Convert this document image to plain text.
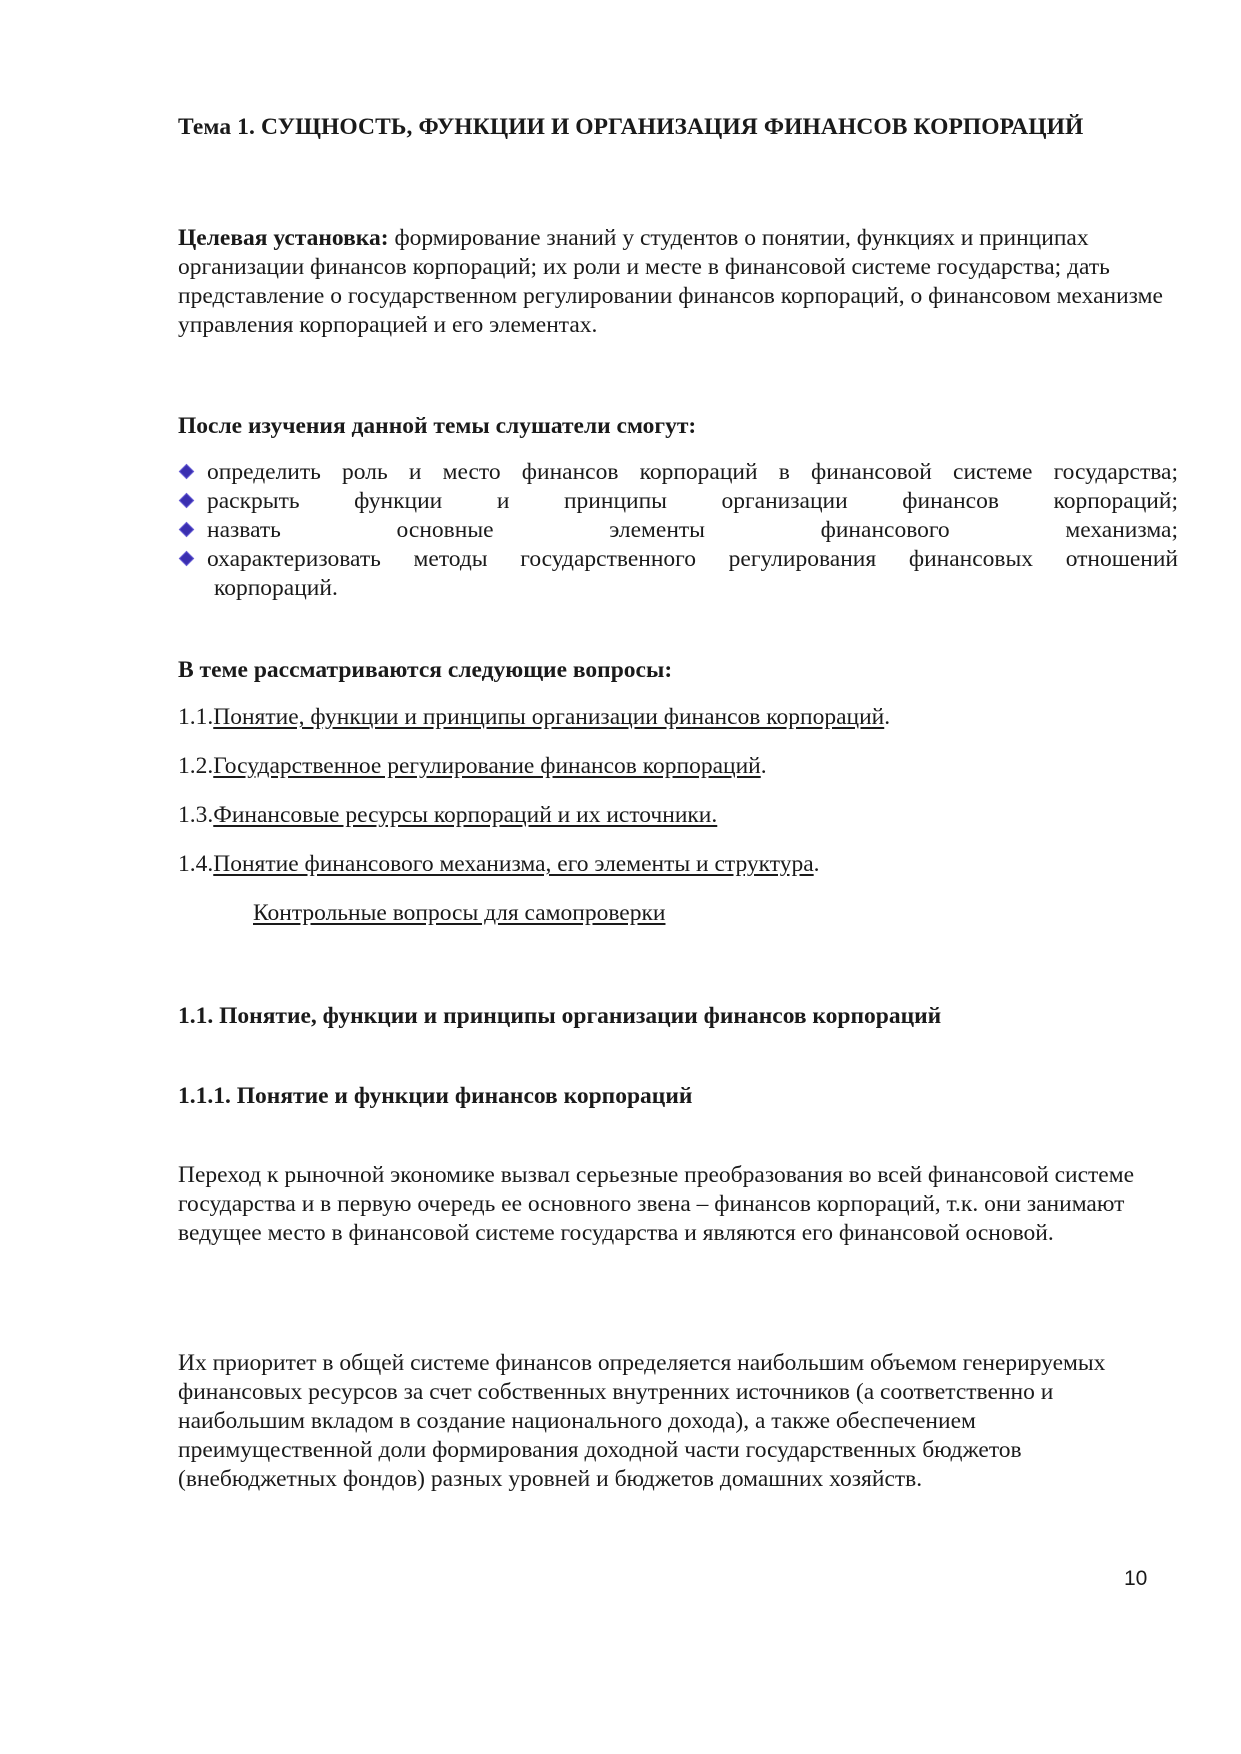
Тема 1. СУЩНОСТЬ, ФУНКЦИИ И ОРГАНИЗАЦИЯ ФИНАНСОВ КОРПОРАЦИЙ
Целевая установка: формирование знаний у студентов о понятии, функциях и принципах организации финансов корпораций; их роли и месте в финансовой системе государства; дать представление о государственном регулировании финансов корпораций, о финансовом механизме управления корпорацией и его элементах.
После изучения данной темы слушатели смогут:
определить роль и место финансов корпораций в финансовой системе государства;
раскрыть функции и принципы организации финансов корпораций;
назвать основные элементы финансового механизма;
охарактеризовать методы государственного регулирования финансовых отношений
корпораций.
В теме рассматриваются следующие вопросы:
1.1.Понятие, функции и принципы организации финансов корпораций.
1.2.Государственное регулирование финансов корпораций.
1.3.Финансовые ресурсы корпораций и их источники.
1.4.Понятие финансового механизма, его элементы и структура.
Контрольные вопросы для самопроверки
1.1. Понятие, функции и принципы организации финансов корпораций
1.1.1. Понятие и функции финансов корпораций
Переход к рыночной экономике вызвал серьезные преобразования во всей финансовой системе государства и в первую очередь ее основного звена – финансов корпораций, т.к. они занимают ведущее место в финансовой системе государства и являются его финансовой основой.
Их приоритет в общей системе финансов определяется наибольшим объемом генерируемых финансовых ресурсов за счет собственных внутренних источников (а соответственно и наибольшим вкладом в создание национального дохода), а также обеспечением преимущественной доли формирования доходной части государственных бюджетов (внебюджетных фондов) разных уровней и бюджетов домашних хозяйств.
10
